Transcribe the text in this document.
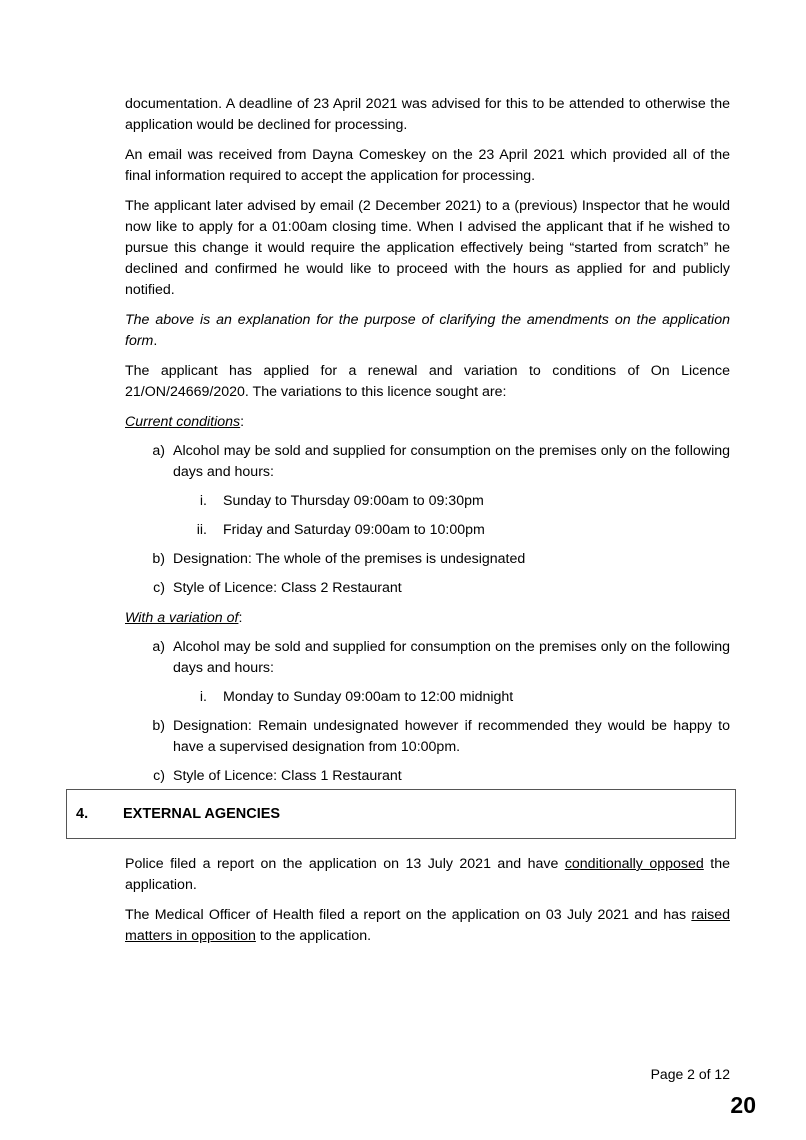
documentation. A deadline of 23 April 2021 was advised for this to be attended to otherwise the application would be declined for processing.

An email was received from Dayna Comeskey on the 23 April 2021 which provided all of the final information required to accept the application for processing.

The applicant later advised by email (2 December 2021) to a (previous) Inspector that he would now like to apply for a 01:00am closing time. When I advised the applicant that if he wished to pursue this change it would require the application effectively being “started from scratch” he declined and confirmed he would like to proceed with the hours as applied for and publicly notified.

The above is an explanation for the purpose of clarifying the amendments on the application form.

The applicant has applied for a renewal and variation to conditions of On Licence 21/ON/24669/2020. The variations to this licence sought are:

Current conditions:

a) Alcohol may be sold and supplied for consumption on the premises only on the following days and hours:
i. Sunday to Thursday 09:00am to 09:30pm
ii. Friday and Saturday 09:00am to 10:00pm
b) Designation: The whole of the premises is undesignated
c) Style of Licence: Class 2 Restaurant

With a variation of:

a) Alcohol may be sold and supplied for consumption on the premises only on the following days and hours:
i. Monday to Sunday 09:00am to 12:00 midnight
b) Designation: Remain undesignated however if recommended they would be happy to have a supervised designation from 10:00pm.
c) Style of Licence: Class 1 Restaurant
4. EXTERNAL AGENCIES

Police filed a report on the application on 13 July 2021 and have conditionally opposed the application.

The Medical Officer of Health filed a report on the application on 03 July 2021 and has raised matters in opposition to the application.

Page 2 of 12
20
